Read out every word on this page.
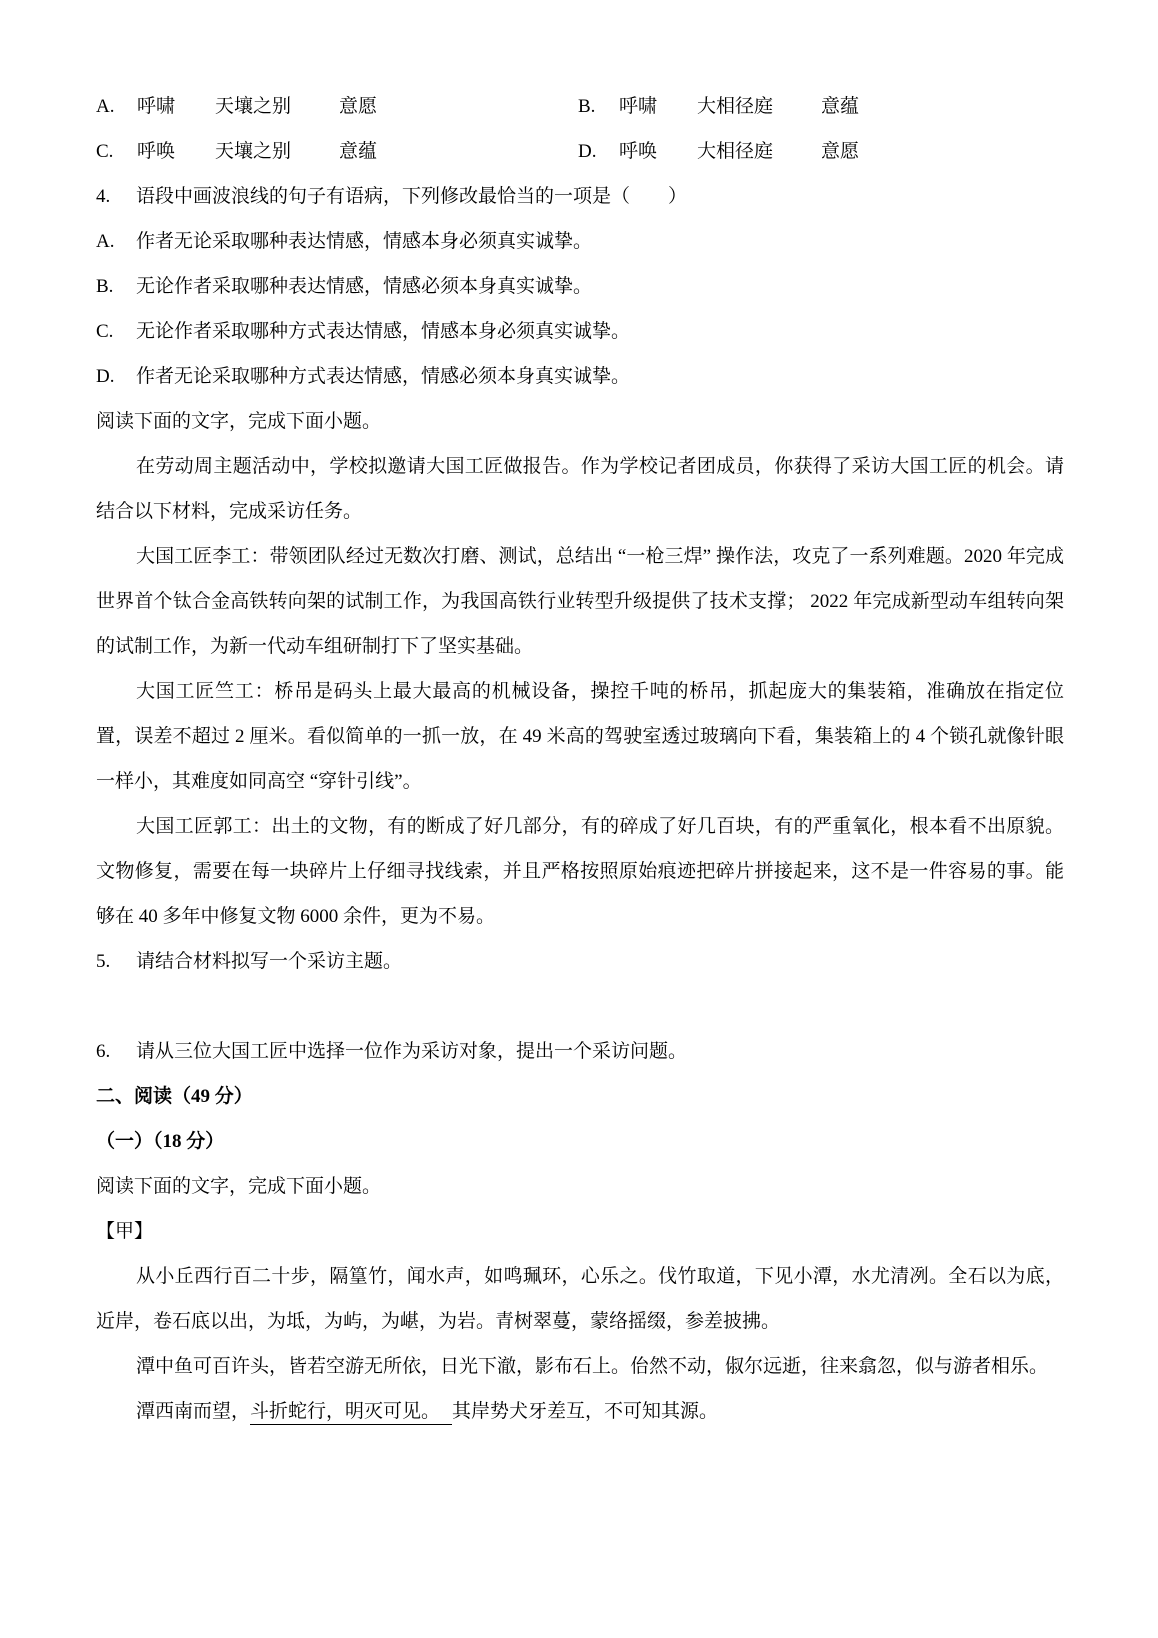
A.	呼啸 天壤之别	意愿	B.	呼啸 大相径庭	意蕴
C.	呼唤 天壤之别	意蕴	D.	呼唤 大相径庭	意愿
4.	语段中画波浪线的句子有语病，下列修改最恰当的一项是（　　）
A.	作者无论采取哪种表达情感，情感本身必须真实诚挚。
B.	无论作者采取哪种表达情感，情感必须本身真实诚挚。
C.	无论作者采取哪种方式表达情感，情感本身必须真实诚挚。
D.	作者无论采取哪种方式表达情感，情感必须本身真实诚挚。

阅读下面的文字，完成下面小题。

在劳动周主题活动中，学校拟邀请大国工匠做报告。作为学校记者团成员，你获得了采访大国工匠的机会。请结合以下材料，完成采访任务。

大国工匠李工：带领团队经过无数次打磨、测试，总结出 “一枪三焊” 操作法，攻克了一系列难题。2020 年完成世界首个钛合金高铁转向架的试制工作，为我国高铁行业转型升级提供了技术支撑； 2022 年完成新型动车组转向架的试制工作，为新一代动车组研制打下了坚实基础。

大国工匠竺工：桥吊是码头上最大最高的机械设备，操控千吨的桥吊，抓起庞大的集装箱，准确放在指定位置，误差不超过 2 厘米。看似简单的一抓一放，在 49 米高的驾驶室透过玻璃向下看，集装箱上的 4 个锁孔就像针眼一样小，其难度如同高空 “穿针引线”。

大国工匠郭工：出土的文物，有的断成了好几部分，有的碎成了好几百块，有的严重氧化，根本看不出原貌。文物修复，需要在每一块碎片上仔细寻找线索，并且严格按照原始痕迹把碎片拼接起来，这不是一件容易的事。能够在 40 多年中修复文物 6000 余件，更为不易。

5.	请结合材料拟写一个采访主题。
6.	请从三位大国工匠中选择一位作为采访对象，提出一个采访问题。
二、阅读（49 分）
（一）（18 分）

阅读下面的文字，完成下面小题。

【甲】

从小丘西行百二十步，隔篁竹，闻水声，如鸣珮环，心乐之。伐竹取道，下见小潭，水尤清冽。全石以为底，近岸，卷石底以出，为坻，为屿，为嵁，为岩。青树翠蔓，蒙络摇缀，参差披拂。

潭中鱼可百许头，皆若空游无所依，日光下澈，影布石上。佁然不动，俶尔远逝，往来翕忽，似与游者相乐。

潭西南而望，斗折蛇行，明灭可见。 其岸势犬牙差互，不可知其源。
